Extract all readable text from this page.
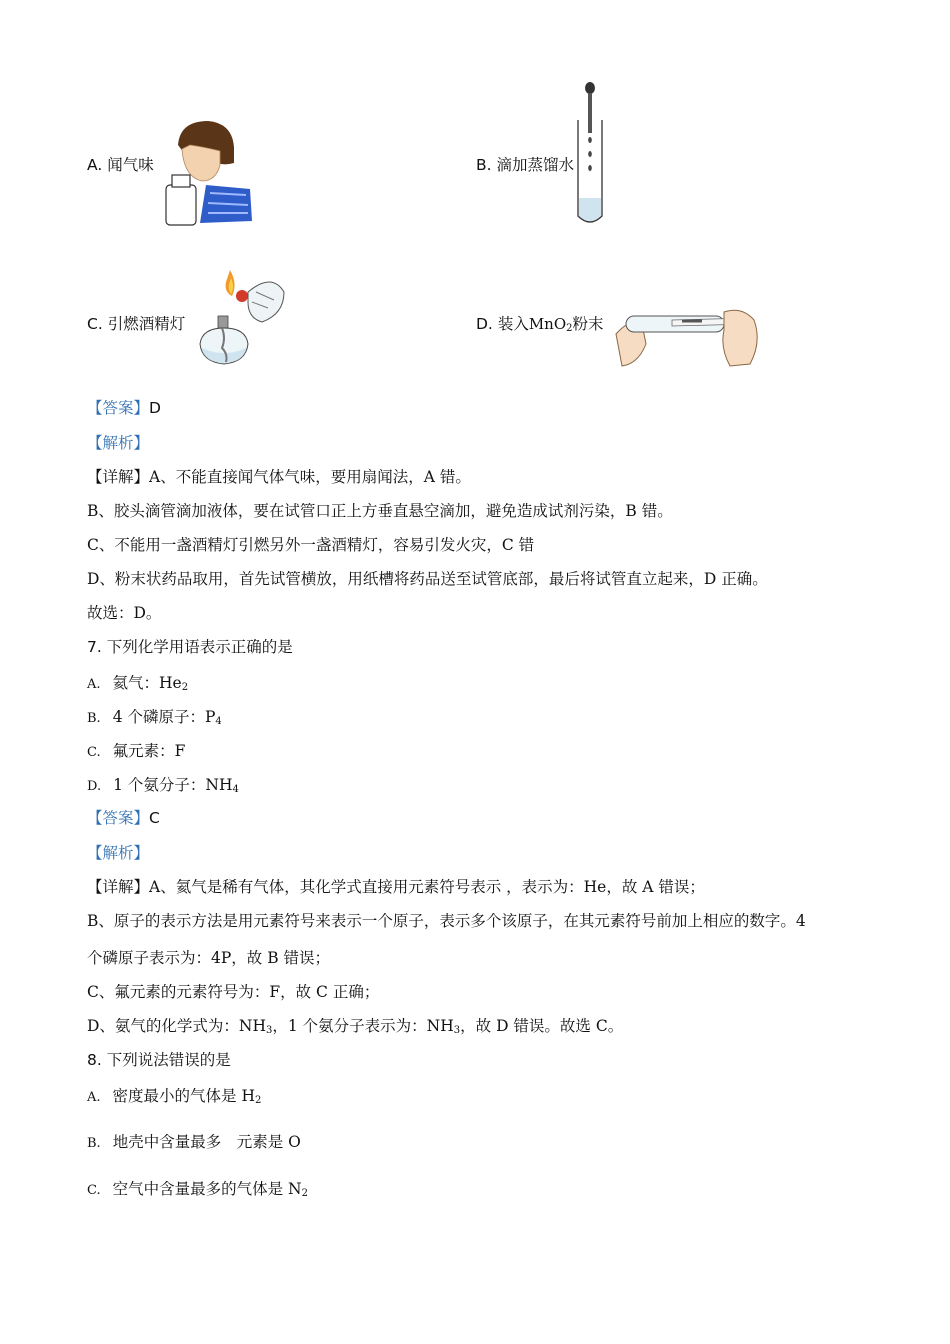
A. 闻气味	B. 滴加蒸馏水
C. 引燃酒精灯	D. 装入MnO$_2$粉末
【答案】D
【解析】
【详解】A、不能直接闻气体气味，要用扇闻法，A 错。
B、胶头滴管滴加液体，要在试管口正上方垂直悬空滴加，避免造成试剂污染，B 错。
C、不能用一盏酒精灯引燃另外一盏酒精灯，容易引发火灾，C 错
D、粉末状药品取用，首先试管横放，用纸槽将药品送至试管底部，最后将试管直立起来，D 正确。
故选：D。
7. 下列化学用语表示正确的是
A. 氦气：$He_2$
B. 4 个磷原子：$P_4$
C. 氟元素：F
D. 1 个氨分子：$NH_4$
【答案】C
【解析】
【详解】A、氦气是稀有气体，其化学式直接用元素符号表示 ，表示为：He，故 A 错误；
B、原子的表示方法是用元素符号来表示一个原子，表示多个该原子，在其元素符号前加上相应的数字。4
个磷原子表示为：4P，故 B 错误；
C、氟元素的元素符号为：F，故 C 正确；
D、氨气的化学式为：$NH_3$，1 个氨分子表示为：$NH_3$，故 D 错误。故选 C。
8. 下列说法错误的是
A. 密度最小的气体是 $H_2$
B. 地壳中含量最多　元素是 O
C. 空气中含量最多的气体是 $N_2$
